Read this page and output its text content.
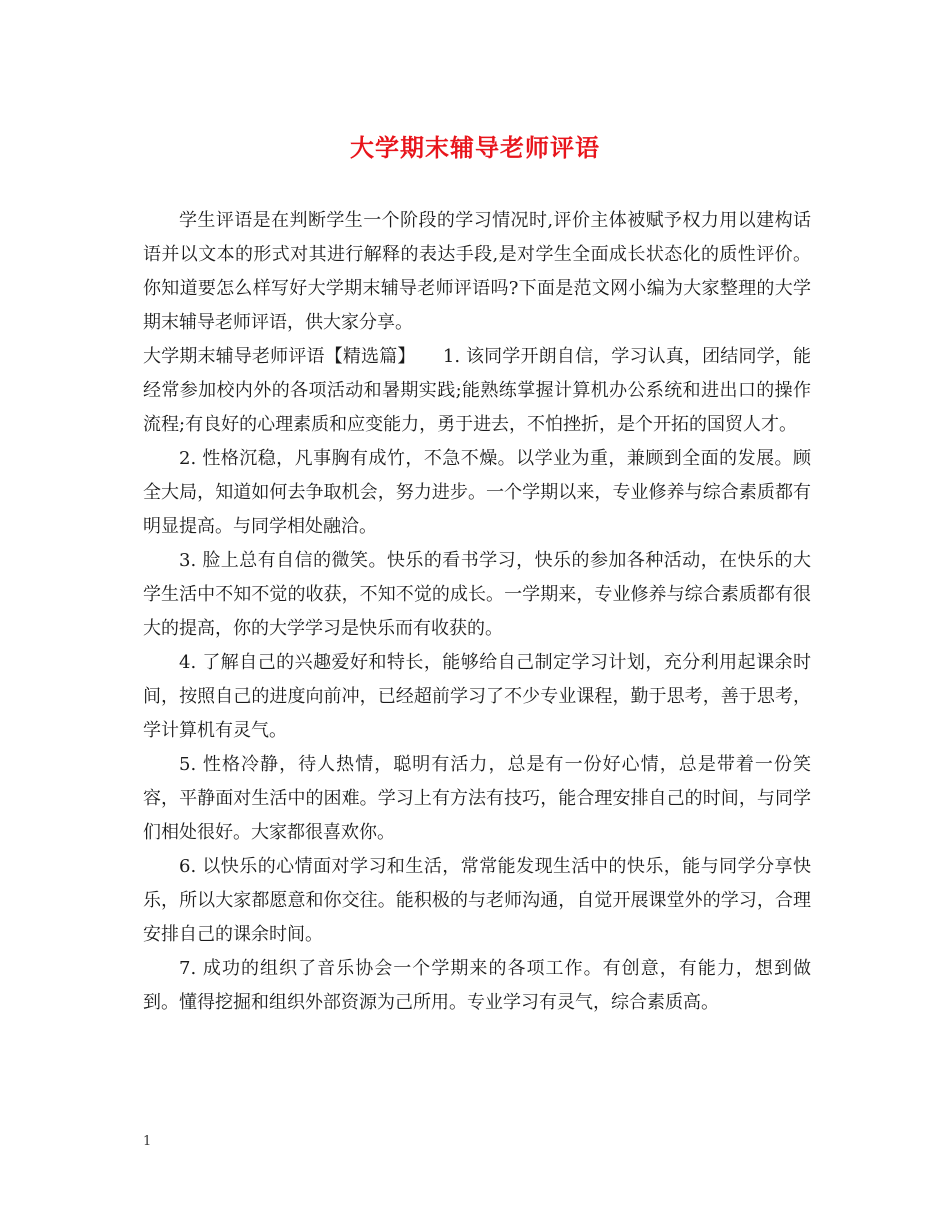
大学期末辅导老师评语

学生评语是在判断学生一个阶段的学习情况时,评价主体被赋予权力用以建构话语并以文本的形式对其进行解释的表达手段,是对学生全面成长状态化的质性评价。你知道要怎么样写好大学期末辅导老师评语吗?下面是范文网小编为大家整理的大学期末辅导老师评语，供大家分享。

大学期末辅导老师评语【精选篇】　　1. 该同学开朗自信，学习认真，团结同学，能经常参加校内外的各项活动和暑期实践;能熟练掌握计算机办公系统和进出口的操作流程;有良好的心理素质和应变能力，勇于进去，不怕挫折，是个开拓的国贸人才。

2. 性格沉稳，凡事胸有成竹，不急不燥。以学业为重，兼顾到全面的发展。顾全大局，知道如何去争取机会，努力进步。一个学期以来，专业修养与综合素质都有明显提高。与同学相处融洽。

3. 脸上总有自信的微笑。快乐的看书学习，快乐的参加各种活动，在快乐的大学生活中不知不觉的收获，不知不觉的成长。一学期来，专业修养与综合素质都有很大的提高，你的大学学习是快乐而有收获的。

4. 了解自己的兴趣爱好和特长，能够给自己制定学习计划，充分利用起课余时间，按照自己的进度向前冲，已经超前学习了不少专业课程，勤于思考，善于思考，学计算机有灵气。

5. 性格冷静，待人热情，聪明有活力，总是有一份好心情，总是带着一份笑容，平静面对生活中的困难。学习上有方法有技巧，能合理安排自己的时间，与同学们相处很好。大家都很喜欢你。

6. 以快乐的心情面对学习和生活，常常能发现生活中的快乐，能与同学分享快乐，所以大家都愿意和你交往。能积极的与老师沟通，自觉开展课堂外的学习，合理安排自己的课余时间。

7. 成功的组织了音乐协会一个学期来的各项工作。有创意，有能力，想到做到。懂得挖掘和组织外部资源为己所用。专业学习有灵气，综合素质高。

1
